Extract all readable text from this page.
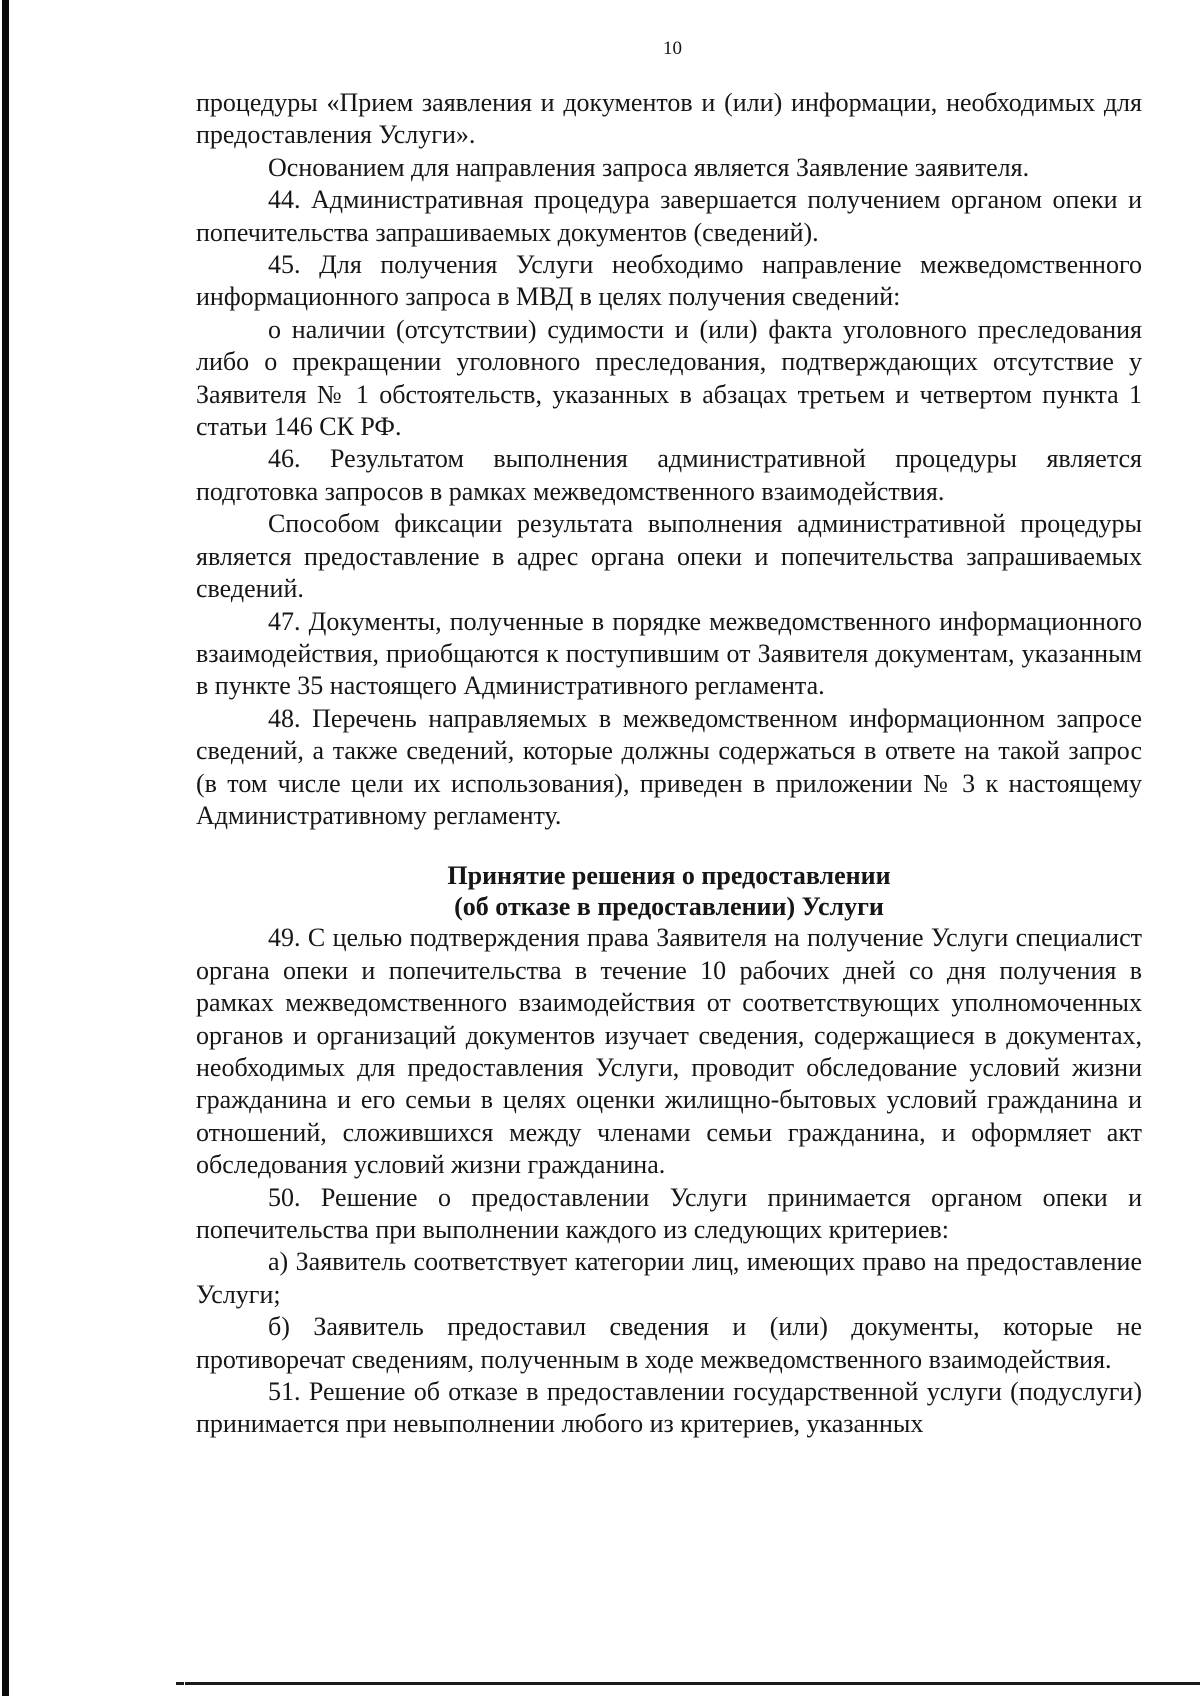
10

процедуры «Прием заявления и документов и (или) информации, необходимых для предоставления Услуги».

Основанием для направления запроса является Заявление заявителя.

44. Административная процедура завершается получением органом опеки и попечительства запрашиваемых документов (сведений).

45. Для получения Услуги необходимо направление межведомственного информационного запроса в МВД в целях получения сведений:

о наличии (отсутствии) судимости и (или) факта уголовного преследования либо о прекращении уголовного преследования, подтверждающих отсутствие у Заявителя № 1 обстоятельств, указанных в абзацах третьем и четвертом пункта 1 статьи 146 СК РФ.

46. Результатом выполнения административной процедуры является подготовка запросов в рамках межведомственного взаимодействия.

Способом фиксации результата выполнения административной процедуры является предоставление в адрес органа опеки и попечительства запрашиваемых сведений.

47. Документы, полученные в порядке межведомственного информационного взаимодействия, приобщаются к поступившим от Заявителя документам, указанным в пункте 35 настоящего Административного регламента.

48. Перечень направляемых в межведомственном информационном запросе сведений, а также сведений, которые должны содержаться в ответе на такой запрос (в том числе цели их использования), приведен в приложении № 3 к настоящему Административному регламенту.

Принятие решения о предоставлении
(об отказе в предоставлении) Услуги

49. С целью подтверждения права Заявителя на получение Услуги специалист органа опеки и попечительства в течение 10 рабочих дней со дня получения в рамках межведомственного взаимодействия от соответствующих уполномоченных органов и организаций документов изучает сведения, содержащиеся в документах, необходимых для предоставления Услуги, проводит обследование условий жизни гражданина и его семьи в целях оценки жилищно-бытовых условий гражданина и отношений, сложившихся между членами семьи гражданина, и оформляет акт обследования условий жизни гражданина.

50. Решение о предоставлении Услуги принимается органом опеки и попечительства при выполнении каждого из следующих критериев:

а) Заявитель соответствует категории лиц, имеющих право на предоставление Услуги;

б) Заявитель предоставил сведения и (или) документы, которые не противоречат сведениям, полученным в ходе межведомственного взаимодействия.

51. Решение об отказе в предоставлении государственной услуги (подуслуги) принимается при невыполнении любого из критериев, указанных
